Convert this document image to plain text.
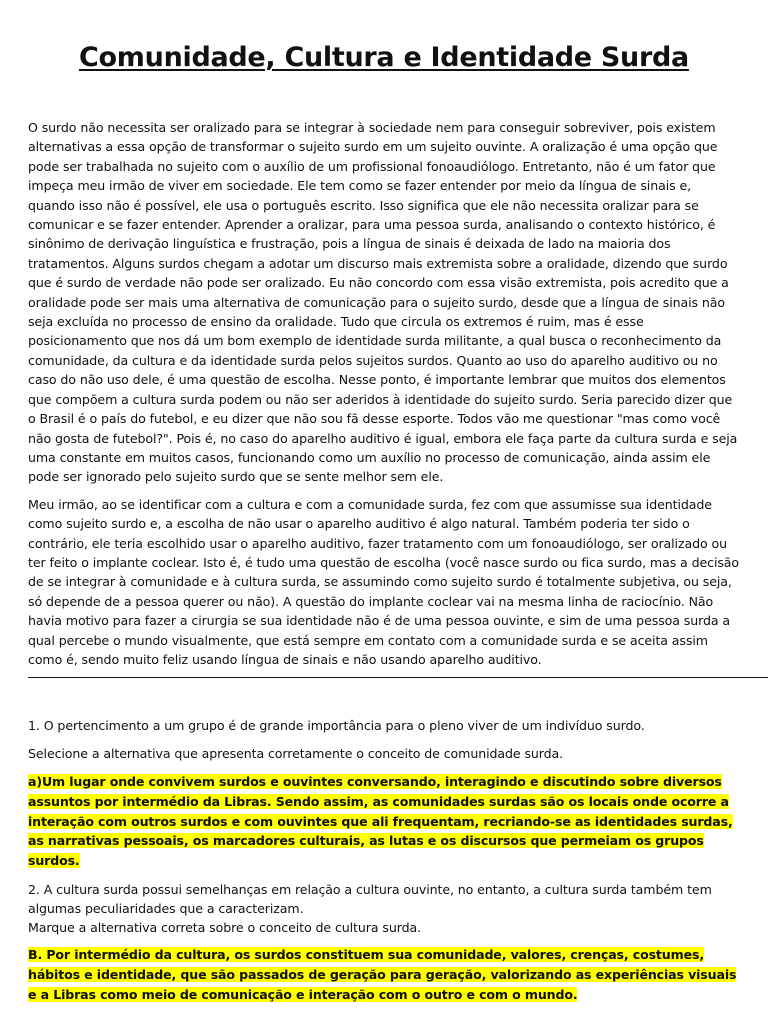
Comunidade, Cultura e Identidade Surda

O surdo não necessita ser oralizado para se integrar à sociedade nem para conseguir sobreviver, pois existem alternativas a essa opção de transformar o sujeito surdo em um sujeito ouvinte. A oralização é uma opção que pode ser trabalhada no sujeito com o auxílio de um profissional fonoaudiólogo. Entretanto, não é um fator que impeça meu irmão de viver em sociedade. Ele tem como se fazer entender por meio da língua de sinais e, quando isso não é possível, ele usa o português escrito. Isso significa que ele não necessita oralizar para se comunicar e se fazer entender. Aprender a oralizar, para uma pessoa surda, analisando o contexto histórico, é sinônimo de derivação linguística e frustração, pois a língua de sinais é deixada de lado na maioria dos tratamentos. Alguns surdos chegam a adotar um discurso mais extremista sobre a oralidade, dizendo que surdo que é surdo de verdade não pode ser oralizado. Eu não concordo com essa visão extremista, pois acredito que a oralidade pode ser mais uma alternativa de comunicação para o sujeito surdo, desde que a língua de sinais não seja excluída no processo de ensino da oralidade. Tudo que circula os extremos é ruim, mas é esse posicionamento que nos dá um bom exemplo de identidade surda militante, a qual busca o reconhecimento da comunidade, da cultura e da identidade surda pelos sujeitos surdos. Quanto ao uso do aparelho auditivo ou no caso do não uso dele, é uma questão de escolha. Nesse ponto, é importante lembrar que muitos dos elementos que compõem a cultura surda podem ou não ser aderidos à identidade do sujeito surdo. Seria parecido dizer que o Brasil é o país do futebol, e eu dizer que não sou fã desse esporte. Todos vão me questionar "mas como você não gosta de futebol?". Pois é, no caso do aparelho auditivo é igual, embora ele faça parte da cultura surda e seja uma constante em muitos casos, funcionando como um auxílio no processo de comunicação, ainda assim ele pode ser ignorado pelo sujeito surdo que se sente melhor sem ele.

Meu irmão, ao se identificar com a cultura e com a comunidade surda, fez com que assumisse sua identidade como sujeito surdo e, a escolha de não usar o aparelho auditivo é algo natural. Também poderia ter sido o contrário, ele teria escolhido usar o aparelho auditivo, fazer tratamento com um fonoaudiólogo, ser oralizado ou ter feito o implante coclear. Isto é, é tudo uma questão de escolha (você nasce surdo ou fica surdo, mas a decisão de se integrar à comunidade e à cultura surda, se assumindo como sujeito surdo é totalmente subjetiva, ou seja, só depende de a pessoa querer ou não). A questão do implante coclear vai na mesma linha de raciocínio. Não havia motivo para fazer a cirurgia se sua identidade não é de uma pessoa ouvinte, e sim de uma pessoa surda a qual percebe o mundo visualmente, que está sempre em contato com a comunidade surda e se aceita assim como é, sendo muito feliz usando língua de sinais e não usando aparelho auditivo.

1. O pertencimento a um grupo é de grande importância para o pleno viver de um indivíduo surdo.

Selecione a alternativa que apresenta corretamente o conceito de comunidade surda.

a)Um lugar onde convivem surdos e ouvintes conversando, interagindo e discutindo sobre diversos assuntos por intermédio da Libras. Sendo assim, as comunidades surdas são os locais onde ocorre a interação com outros surdos e com ouvintes que ali frequentam, recriando-se as identidades surdas, as narrativas pessoais, os marcadores culturais, as lutas e os discursos que permeiam os grupos surdos.

2. A cultura surda possui semelhanças em relação a cultura ouvinte, no entanto, a cultura surda também tem algumas peculiaridades que a caracterizam.
Marque a alternativa correta sobre o conceito de cultura surda.

B. Por intermédio da cultura, os surdos constituem sua comunidade, valores, crenças, costumes, hábitos e identidade, que são passados de geração para geração, valorizando as experiências visuais e a Libras como meio de comunicação e interação com o outro e com o mundo.
